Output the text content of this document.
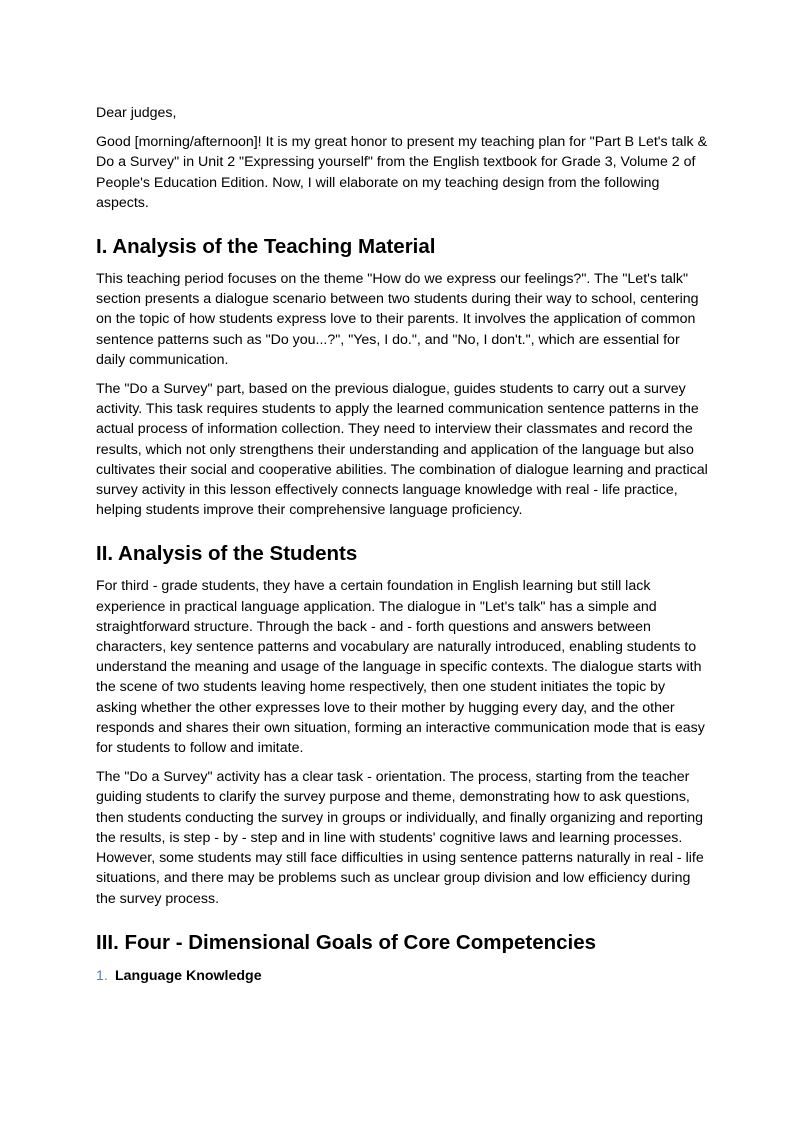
Dear judges,

Good [morning/afternoon]! It is my great honor to present my teaching plan for "Part B Let's talk & Do a Survey" in Unit 2 "Expressing yourself" from the English textbook for Grade 3, Volume 2 of People's Education Edition. Now, I will elaborate on my teaching design from the following aspects.

I. Analysis of the Teaching Material

This teaching period focuses on the theme "How do we express our feelings?". The "Let's talk" section presents a dialogue scenario between two students during their way to school, centering on the topic of how students express love to their parents. It involves the application of common sentence patterns such as "Do you...?", "Yes, I do.", and "No, I don't.", which are essential for daily communication.

The "Do a Survey" part, based on the previous dialogue, guides students to carry out a survey activity. This task requires students to apply the learned communication sentence patterns in the actual process of information collection. They need to interview their classmates and record the results, which not only strengthens their understanding and application of the language but also cultivates their social and cooperative abilities. The combination of dialogue learning and practical survey activity in this lesson effectively connects language knowledge with real - life practice, helping students improve their comprehensive language proficiency.

II. Analysis of the Students

For third - grade students, they have a certain foundation in English learning but still lack experience in practical language application. The dialogue in "Let's talk" has a simple and straightforward structure. Through the back - and - forth questions and answers between characters, key sentence patterns and vocabulary are naturally introduced, enabling students to understand the meaning and usage of the language in specific contexts. The dialogue starts with the scene of two students leaving home respectively, then one student initiates the topic by asking whether the other expresses love to their mother by hugging every day, and the other responds and shares their own situation, forming an interactive communication mode that is easy for students to follow and imitate.

The "Do a Survey" activity has a clear task - orientation. The process, starting from the teacher guiding students to clarify the survey purpose and theme, demonstrating how to ask questions, then students conducting the survey in groups or individually, and finally organizing and reporting the results, is step - by - step and in line with students' cognitive laws and learning processes. However, some students may still face difficulties in using sentence patterns naturally in real - life situations, and there may be problems such as unclear group division and low efficiency during the survey process.

III. Four - Dimensional Goals of Core Competencies
1. Language Knowledge
